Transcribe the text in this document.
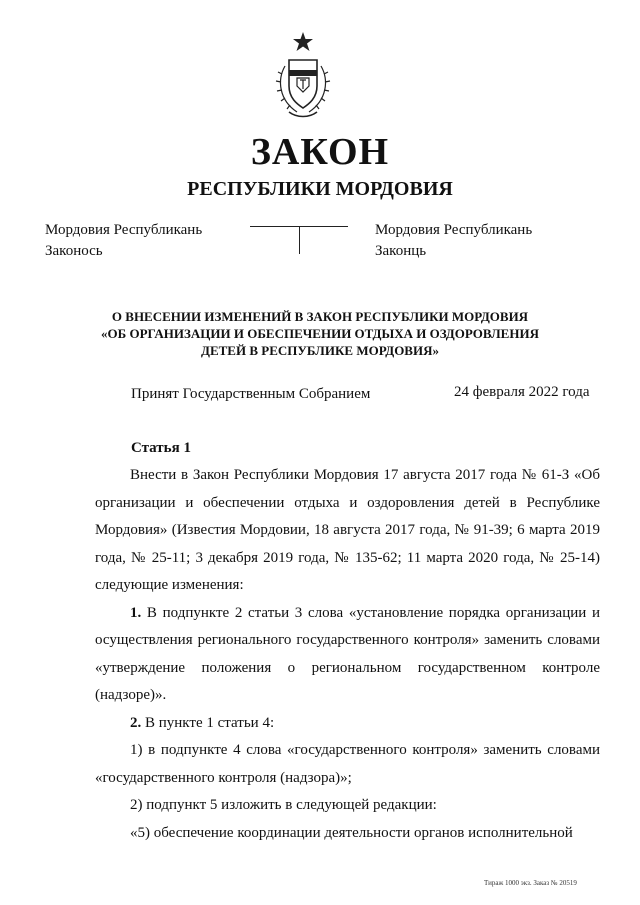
ЗАКОН
РЕСПУБЛИКИ МОРДОВИЯ
Мордовия Республикань
Законось
Мордовия Республикань
Законць
О ВНЕСЕНИИ ИЗМЕНЕНИЙ В ЗАКОН РЕСПУБЛИКИ МОРДОВИЯ
«ОБ ОРГАНИЗАЦИИ И ОБЕСПЕЧЕНИИ ОТДЫХА И ОЗДОРОВЛЕНИЯ
ДЕТЕЙ В РЕСПУБЛИКЕ МОРДОВИЯ»
Принят Государственным Собранием	24 февраля 2022 года
Статья 1

Внести в Закон Республики Мордовия 17 августа 2017 года № 61-З «Об организации и обеспечении отдыха и оздоровления детей в Республике Мордовия» (Известия Мордовии, 18 августа 2017 года, № 91-39; 6 марта 2019 года, № 25-11; 3 декабря 2019 года, № 135-62; 11 марта 2020 года, № 25-14) следующие изменения:

1. В подпункте 2 статьи 3 слова «установление порядка организации и осуществления регионального государственного контроля» заменить словами «утверждение положения о региональном государственном контроле (надзоре)».

2. В пункте 1 статьи 4:

1) в подпункте 4 слова «государственного контроля» заменить словами «государственного контроля (надзора)»;

2) подпункт 5 изложить в следующей редакции:

«5) обеспечение координации деятельности органов исполнительной

Тираж 1000 экз. Заказ № 20519
